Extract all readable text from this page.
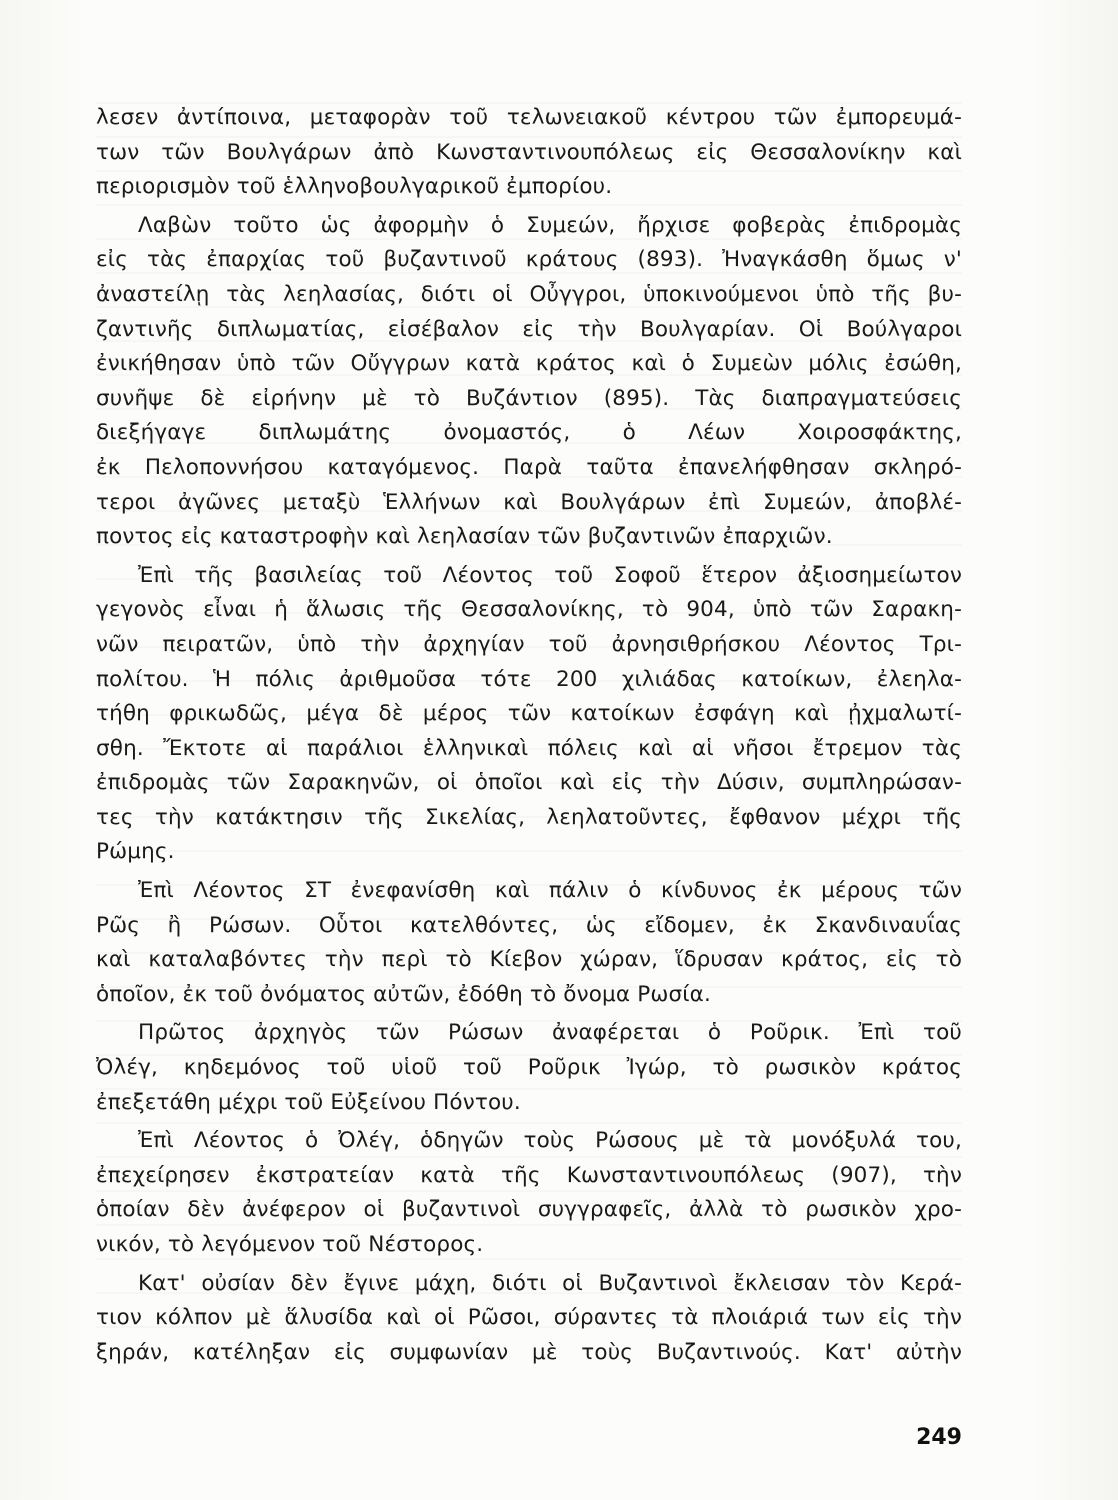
λεσεν ἀντίποινα, μεταφορὰν τοῦ τελωνειακοῦ κέντρου τῶν ἐμπορευμά-
των τῶν Βουλγάρων ἀπὸ Κωνσταντινουπόλεως εἰς Θεσσαλονίκην καὶ
περιορισμὸν τοῦ ἑλληνοβουλγαρικοῦ ἐμπορίου.
Λαβὼν τοῦτο ὡς ἀφορμὴν ὁ Συμεών, ἤρχισε φοβερὰς ἐπιδρομὰς
εἰς τὰς ἐπαρχίας τοῦ βυζαντινοῦ κράτους (893). Ἠναγκάσθη ὅμως ν'
ἀναστείλῃ τὰς λεηλασίας, διότι οἱ Οὖγγροι, ὑποκινούμενοι ὑπὸ τῆς βυ-
ζαντινῆς διπλωματίας, εἰσέβαλον εἰς τὴν Βουλγαρίαν. Οἱ Βούλγαροι
ἐνικήθησαν ὑπὸ τῶν Οὔγγρων κατὰ κράτος καὶ ὁ Συμεὼν μόλις ἐσώθη,
συνῆψε δὲ εἰρήνην μὲ τὸ Βυζάντιον (895). Τὰς διαπραγματεύσεις
διεξήγαγε διπλωμάτης ὀνομαστός, ὁ Λέων Χοιροσφάκτης,
ἐκ Πελοποννήσου καταγόμενος. Παρὰ ταῦτα ἐπανελήφθησαν σκληρό-
τεροι ἀγῶνες μεταξὺ Ἑλλήνων καὶ Βουλγάρων ἐπὶ Συμεών, ἀποβλέ-
ποντος εἰς καταστροφὴν καὶ λεηλασίαν τῶν βυζαντινῶν ἐπαρχιῶν.
Ἐπὶ τῆς βασιλείας τοῦ Λέοντος τοῦ Σοφοῦ ἕτερον ἀξιοσημείωτον
γεγονὸς εἶναι ἡ ἅλωσις τῆς Θεσσαλονίκης, τὸ 904, ὑπὸ τῶν Σαρακη-
νῶν πειρατῶν, ὑπὸ τὴν ἀρχηγίαν τοῦ ἀρνησιθρήσκου Λέοντος Τρι-
πολίτου. Ἡ πόλις ἀριθμοῦσα τότε 200 χιλιάδας κατοίκων, ἐλεηλα-
τήθη φρικωδῶς, μέγα δὲ μέρος τῶν κατοίκων ἐσφάγη καὶ ᾐχμαλωτί-
σθη. Ἔκτοτε αἱ παράλιοι ἑλληνικαὶ πόλεις καὶ αἱ νῆσοι ἔτρεμον τὰς
ἐπιδρομὰς τῶν Σαρακηνῶν, οἱ ὁποῖοι καὶ εἰς τὴν Δύσιν, συμπληρώσαν-
τες τὴν κατάκτησιν τῆς Σικελίας, λεηλατοῦντες, ἔφθανον μέχρι τῆς
Ρώμης.
Ἐπὶ Λέοντος ΣΤ ἐνεφανίσθη καὶ πάλιν ὁ κίνδυνος ἐκ μέρους τῶν
Ρῶς ἢ Ρώσων. Οὗτοι κατελθόντες, ὡς εἴδομεν, ἐκ Σκανδιναυΐας
καὶ καταλαβόντες τὴν περὶ τὸ Κίεβον χώραν, ἵδρυσαν κράτος, εἰς τὸ
ὁποῖον, ἐκ τοῦ ὀνόματος αὐτῶν, ἐδόθη τὸ ὄνομα Ρωσία.
Πρῶτος ἀρχηγὸς τῶν Ρώσων ἀναφέρεται ὁ Ροῦρικ. Ἐπὶ τοῦ
Ὀλέγ, κηδεμόνος τοῦ υἱοῦ τοῦ Ροῦρικ Ἰγώρ, τὸ ρωσικὸν κράτος
ἐπεξετάθη μέχρι τοῦ Εὐξείνου Πόντου.
Ἐπὶ Λέοντος ὁ Ὀλέγ, ὁδηγῶν τοὺς Ρώσους μὲ τὰ μονόξυλά του,
ἐπεχείρησεν ἐκστρατείαν κατὰ τῆς Κωνσταντινουπόλεως (907), τὴν
ὁποίαν δὲν ἀνέφερον οἱ βυζαντινοὶ συγγραφεῖς, ἀλλὰ τὸ ρωσικὸν χρο-
νικόν, τὸ λεγόμενον τοῦ Νέστορος.
Κατ' οὐσίαν δὲν ἔγινε μάχη, διότι οἱ Βυζαντινοὶ ἔκλεισαν τὸν Κερά-
τιον κόλπον μὲ ἅλυσίδα καὶ οἱ Ρῶσοι, σύραντες τὰ πλοιάριά των εἰς τὴν
ξηράν, κατέληξαν εἰς συμφωνίαν μὲ τοὺς Βυζαντινούς. Κατ' αὐτὴν
249
